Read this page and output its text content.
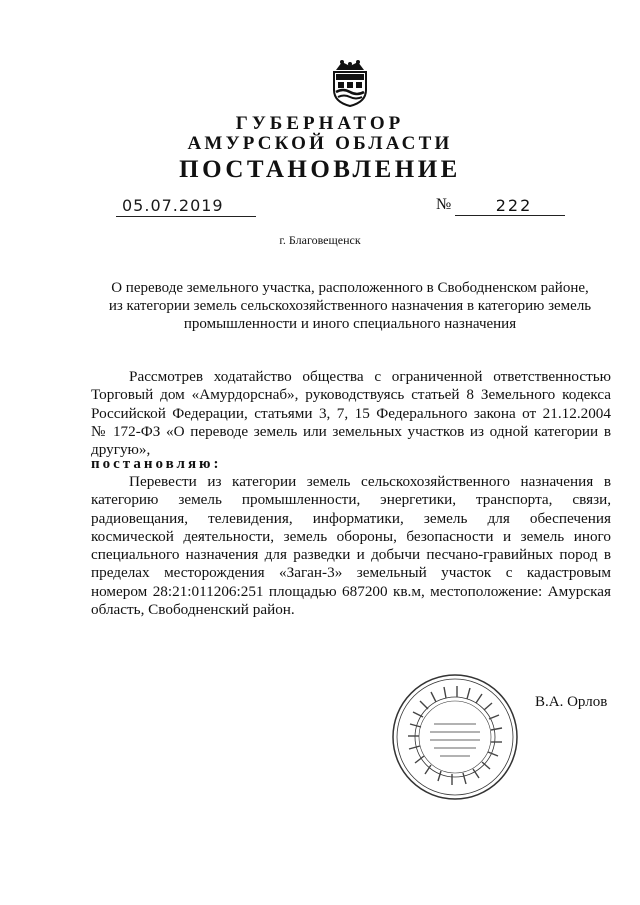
ГУБЕРНАТОР
АМУРСКОЙ ОБЛАСТИ
ПОСТАНОВЛЕНИЕ
05.07.2019	№	222
г. Благовещенск
О переводе земельного участка, расположенного в Свободненском районе,
из категории земель сельскохозяйственного назначения в категорию земель
промышленности и иного специального назначения
Рассмотрев ходатайство общества с ограниченной ответственностью
Торговый дом «Амурдорснаб», руководствуясь статьей 8 Земельного кодекса
Российской Федерации, статьями 3, 7, 15 Федерального закона от 21.12.2004
№ 172-ФЗ «О переводе земель или земельных участков из одной категории в
другую»,
постановляю:
Перевести из категории земель сельскохозяйственного назначения в
категорию земель промышленности, энергетики, транспорта, связи,
радиовещания, телевидения, информатики, земель для обеспечения
космической деятельности, земель обороны, безопасности и земель иного
специального назначения для разведки и добычи песчано-гравийных пород в
пределах месторождения «Заган-3» земельный участок с кадастровым
номером 28:21:011206:251 площадью 687200 кв.м, местоположение: Амурская
область, Свободненский район.
В.А. Орлов
